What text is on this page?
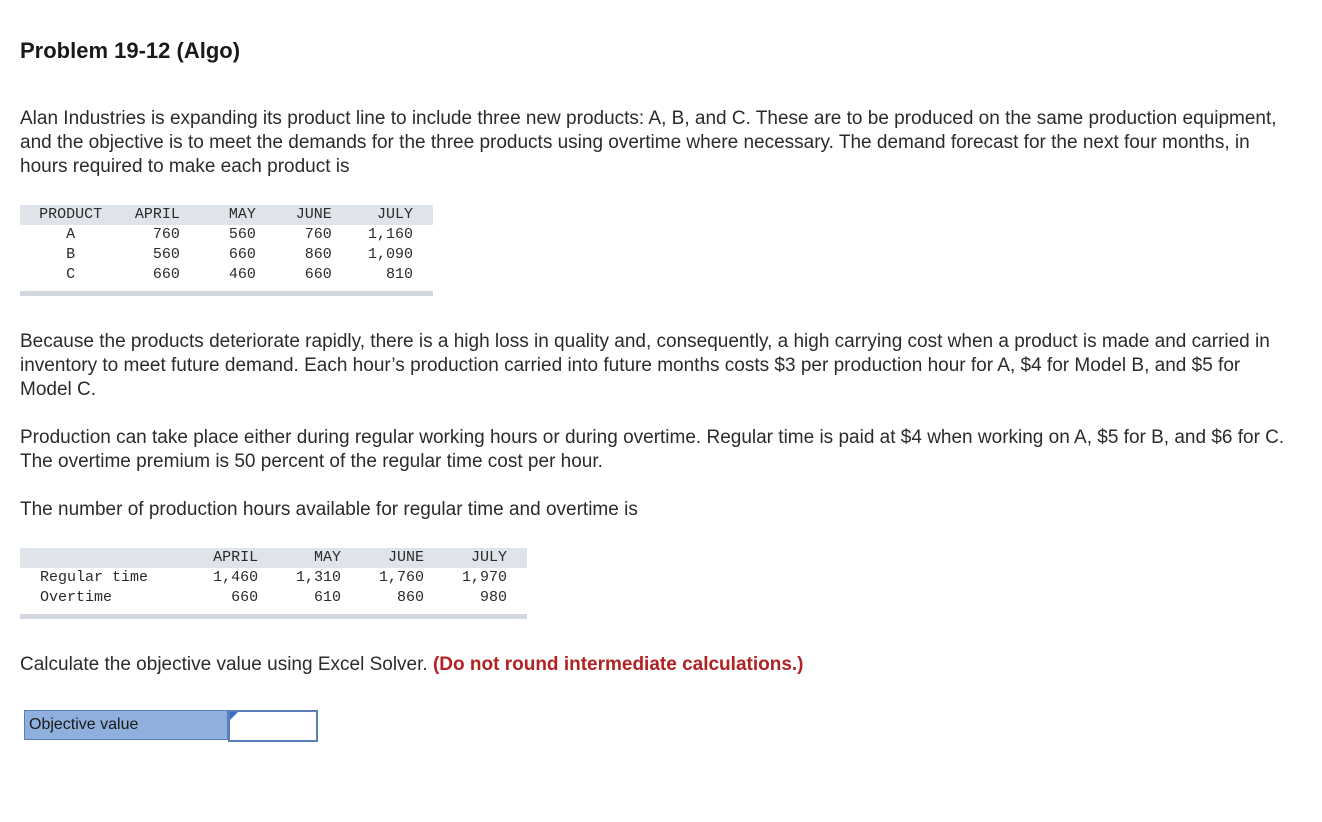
Problem 19-12 (Algo)

Alan Industries is expanding its product line to include three new products: A, B, and C. These are to be produced on the same production equipment, and the objective is to meet the demands for the three products using overtime where necessary. The demand forecast for the next four months, in hours required to make each product is

PRODUCT	APRIL	MAY	JUNE	JULY
A	760	560	760	1,160
B	560	660	860	1,090
C	660	460	660	810

Because the products deteriorate rapidly, there is a high loss in quality and, consequently, a high carrying cost when a product is made and carried in inventory to meet future demand. Each hour’s production carried into future months costs $3 per production hour for A, $4 for Model B, and $5 for Model C.

Production can take place either during regular working hours or during overtime. Regular time is paid at $4 when working on A, $5 for B, and $6 for C. The overtime premium is 50 percent of the regular time cost per hour.

The number of production hours available for regular time and overtime is

	APRIL	MAY	JUNE	JULY
Regular time	1,460	1,310	1,760	1,970
Overtime	660	610	860	980

Calculate the objective value using Excel Solver. (Do not round intermediate calculations.)

Objective value
